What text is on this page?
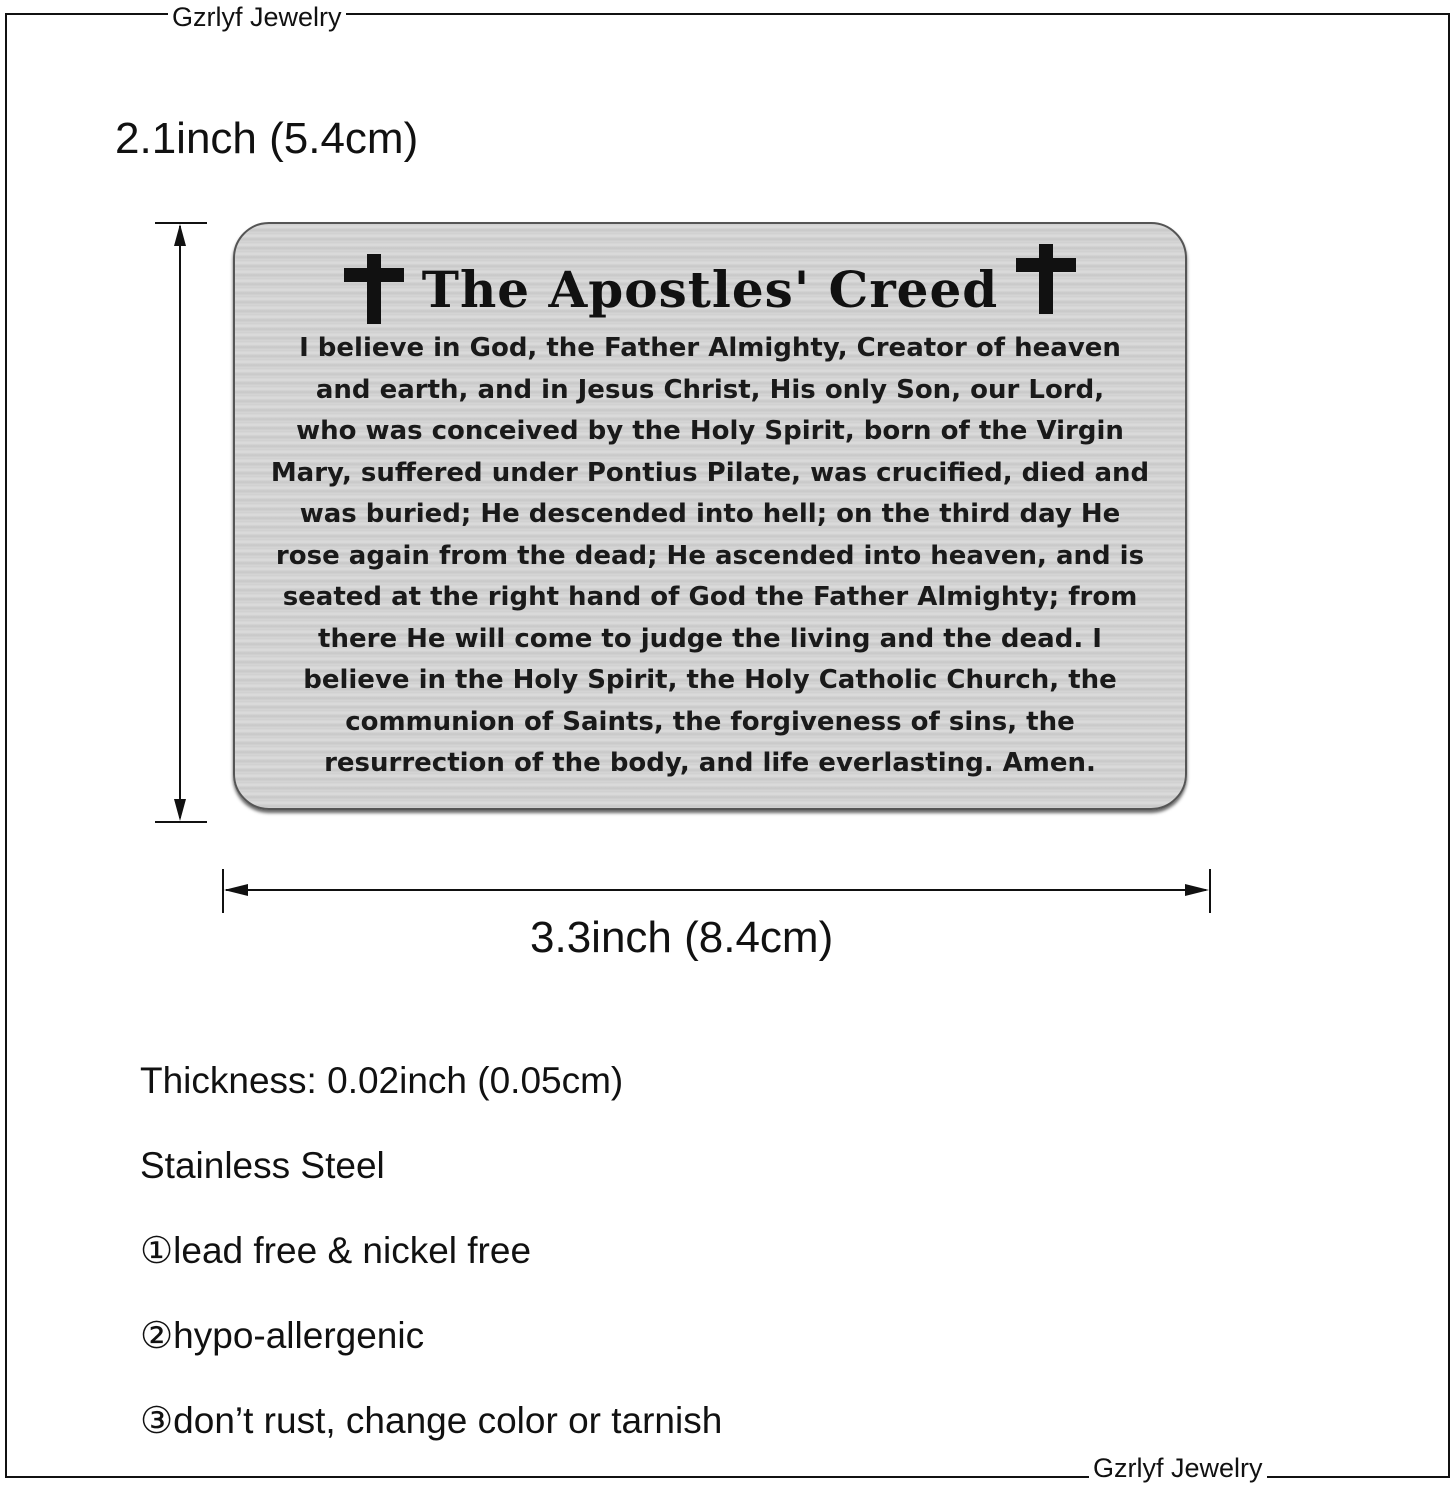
Gzrlyf Jewelry
Gzrlyf Jewelry
2.1inch (5.4cm)
The Apostles' Creed
I believe in God, the Father Almighty, Creator of heaven
and earth, and in Jesus Christ, His only Son, our Lord,
who was conceived by the Holy Spirit, born of the Virgin
Mary, suffered under Pontius Pilate, was crucified, died and
was buried; He descended into hell; on the third day He
rose again from the dead; He ascended into heaven, and is
seated at the right hand of God the Father Almighty; from
there He will come to judge the living and the dead. I
believe in the Holy Spirit, the Holy Catholic Church, the
communion of Saints, the forgiveness of sins, the
resurrection of the body, and life everlasting. Amen.
3.3inch (8.4cm)
Thickness: 0.02inch (0.05cm)
Stainless Steel
①lead free & nickel free
②hypo-allergenic
③don’t rust, change color or tarnish
